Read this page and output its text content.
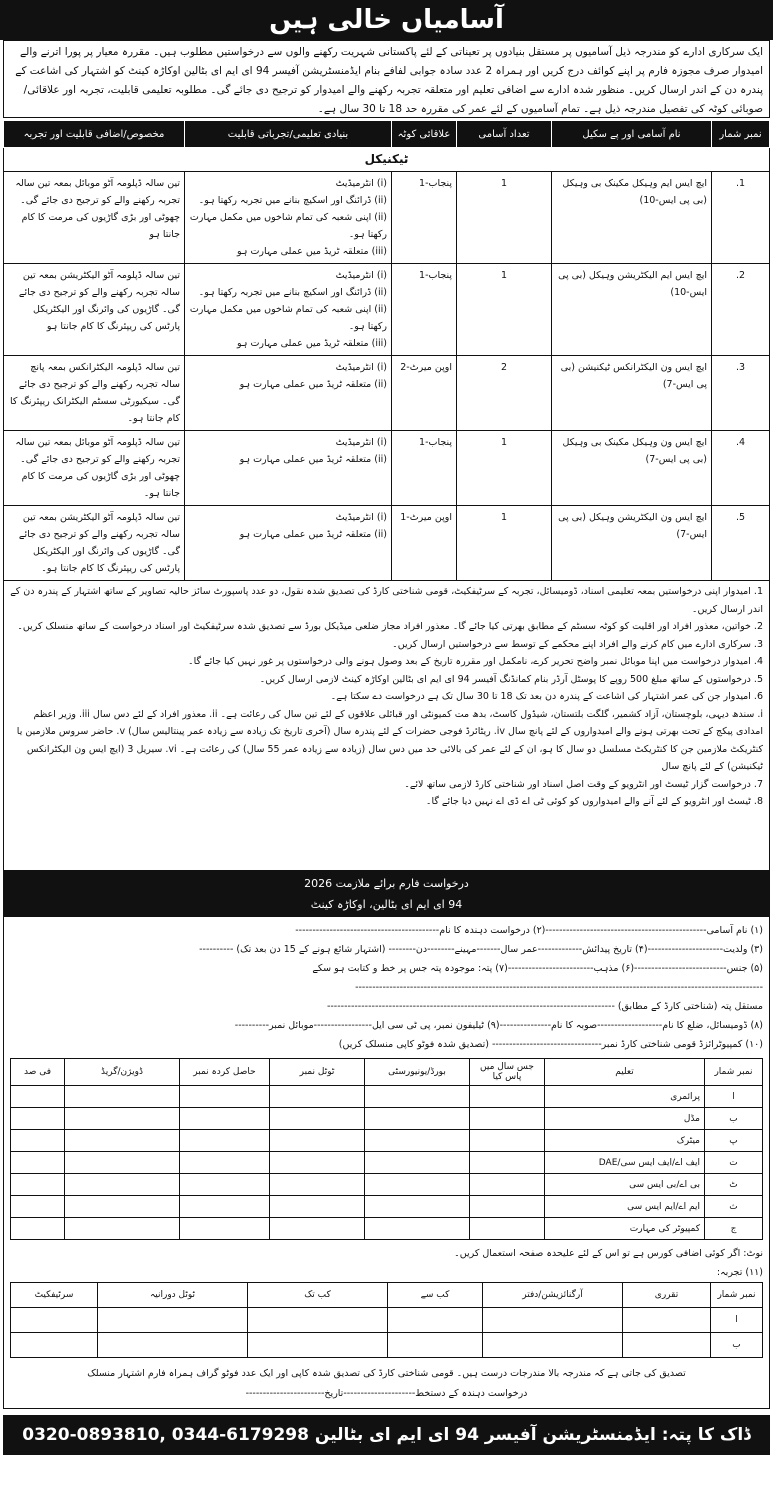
آسامیاں خالی ہیں
ایک سرکاری ادارے کو مندرجہ ذیل آسامیوں پر مستقل بنیادوں پر تعیناتی کے لئے پاکستانی شہریت رکھنے والوں سے درخواستیں مطلوب ہیں۔ مقررہ معیار پر پورا اترنے والے امیدوار صرف مجوزہ فارم پر اپنے کوائف درج کریں اور ہمراہ 2 عدد سادہ جوابی لفافے بنام ایڈمنسٹریشن آفیسر 94 ای ایم ای بٹالین اوکاڑہ کینٹ کو اشتہار کی اشاعت کے پندرہ دن کے اندر ارسال کریں۔ منظور شدہ ادارے سے اضافی تعلیم اور متعلقہ تجربہ رکھنے والے امیدوار کو ترجیح دی جائے گی۔ مطلوبہ تعلیمی قابلیت، تجربہ اور علاقائی/صوبائی کوٹہ کی تفصیل مندرجہ ذیل ہے۔ تمام آسامیوں کے لئے عمر کی مقررہ حد 18 تا 30 سال ہے۔
نمبر شمار	نام آسامی اور پے سکیل	تعداد آسامی	علاقائی کوٹہ	بنیادی تعلیمی/تجرباتی قابلیت	مخصوص/اضافی قابلیت اور تجربہ
ٹیکنیکل					
1.	ایچ ایس ایم وہیکل مکینک بی وہیکل (بی پی ایس-10)	1	پنجاب-1	(i) انٹرمیڈیٹ
(ii) ڈرائنگ اور اسکیچ بنانے میں تجربہ رکھتا ہو۔
(ii) اپنی شعبہ کی تمام شاخوں میں مکمل مہارت رکھتا ہو۔
(iii) متعلقہ ٹریڈ میں عملی مہارت ہو	تین سالہ ڈپلومہ آٹو موبائل بمعہ تین سالہ تجربہ رکھنے والے کو ترجیح دی جائے گی۔ چھوٹی اور بڑی گاڑیوں کی مرمت کا کام جانتا ہو
2.	ایچ ایس ایم الیکٹریشن وہیکل (بی پی ایس-10)	1	پنجاب-1	(i) انٹرمیڈیٹ
(ii) ڈرائنگ اور اسکیچ بنانے میں تجربہ رکھتا ہو۔
(ii) اپنی شعبہ کی تمام شاخوں میں مکمل مہارت رکھتا ہو۔
(iii) متعلقہ ٹریڈ میں عملی مہارت ہو	تین سالہ ڈپلومہ آٹو الیکٹریشن بمعہ تین سالہ تجربہ رکھنے والے کو ترجیح دی جائے گی۔ گاڑیوں کی وائرنگ اور الیکٹریکل پارٹس کی ریپئرنگ کا کام جانتا ہو
3.	ایچ ایس ون الیکٹرانکس ٹیکنیشن (بی پی ایس-7)	2	اوپن میرٹ-2	(i) انٹرمیڈیٹ
(ii) متعلقہ ٹریڈ میں عملی مہارت ہو	تین سالہ ڈپلومہ الیکٹرانکس بمعہ پانچ سالہ تجربہ رکھنے والے کو ترجیح دی جائے گی۔ سیکیورٹی سسٹم الیکٹرانک ریپئرنگ کا کام جانتا ہو۔
4.	ایچ ایس ون وہیکل مکینک بی وہیکل (بی پی ایس-7)	1	پنجاب-1	(i) انٹرمیڈیٹ
(ii) متعلقہ ٹریڈ میں عملی مہارت ہو	تین سالہ ڈپلومہ آٹو موبائل بمعہ تین سالہ تجربہ رکھنے والے کو ترجیح دی جائے گی۔ چھوٹی اور بڑی گاڑیوں کی مرمت کا کام جانتا ہو۔
5.	ایچ ایس ون الیکٹریشن وہیکل (بی پی ایس-7)	1	اوپن میرٹ-1	(i) انٹرمیڈیٹ
(ii) متعلقہ ٹریڈ میں عملی مہارت ہو	تین سالہ ڈپلومہ آٹو الیکٹریشن بمعہ تین سالہ تجربہ رکھنے والے کو ترجیح دی جائے گی۔ گاڑیوں کی وائرنگ اور الیکٹریکل پارٹس کی ریپئرنگ کا کام جانتا ہو۔
1. امیدوار اپنی درخواستیں بمعہ تعلیمی اسناد، ڈومیسائل، تجربہ کے سرٹیفکیٹ، قومی شناختی کارڈ کی تصدیق شدہ نقول، دو عدد پاسپورٹ سائز حالیہ تصاویر کے ساتھ اشتہار کے پندرہ دن کے اندر ارسال کریں۔
2. خواتین، معذور افراد اور اقلیت کو کوٹہ سسٹم کے مطابق بھرتی کیا جائے گا۔ معذور افراد مجاز ضلعی میڈیکل بورڈ سے تصدیق شدہ سرٹیفکیٹ اور اسناد درخواست کے ساتھ منسلک کریں۔
3. سرکاری ادارے میں کام کرنے والے افراد اپنے محکمے کے توسط سے درخواستیں ارسال کریں۔
4. امیدوار درخواست میں اپنا موبائل نمبر واضح تحریر کرے، نامکمل اور مقررہ تاریخ کے بعد وصول ہونے والی درخواستوں پر غور نہیں کیا جائے گا۔
5. درخواستوں کے ساتھ مبلغ 500 روپے کا پوسٹل آرڈر بنام کمانڈنگ آفیسر 94 ای ایم ای بٹالین اوکاڑہ کینٹ لازمی ارسال کریں۔
6. امیدوار جن کی عمر اشتہار کی اشاعت کے پندرہ دن بعد تک 18 تا 30 سال تک ہے درخواست دے سکتا ہے۔
i. سندھ دیہی، بلوچستان، آزاد کشمیر، گلگت بلتستان، شیڈول کاسٹ، بدھ مت کمیونٹی اور قبائلی علاقوں کے لئے تین سال کی رعائت ہے۔ ii. معذور افراد کے لئے دس سال iii. وزیر اعظم امدادی پیکج کے تحت بھرتی ہونے والے امیدواروں کے لئے پانچ سال iv. ریٹائرڈ فوجی حضرات کے لئے پندرہ سال (آخری تاریخ تک زیادہ سے زیادہ عمر پینتالیس سال) v. حاضر سروس ملازمین یا کنٹریکٹ ملازمین جن کا کنٹریکٹ مسلسل دو سال کا ہو، ان کے لئے عمر کی بالائی حد میں دس سال (زیادہ سے زیادہ عمر 55 سال) کی رعائت ہے۔ vi. سیریل 3 (ایچ ایس ون الیکٹرانکس ٹیکنیشن) کے لئے پانچ سال
7. درخواست گزار ٹیسٹ اور انٹرویو کے وقت اصل اسناد اور شناختی کارڈ لازمی ساتھ لائے۔
8. ٹیسٹ اور انٹرویو کے لئے آنے والے امیدواروں کو کوئی ٹی اے ڈی اے نہیں دیا جائے گا۔
درخواست فارم برائے ملازمت 2026
94 ای ایم ای بٹالین، اوکاڑہ کینٹ
(۱) نام آسامی-----------------------------------------------(۲) درخواست دہندہ کا نام------------------------------------------
(۳) ولدیت----------------------(۴) تاریخ پیدائش-------------عمر سال-------مہینے--------دن-------- (اشتہار شائع ہونے کے 15 دن بعد تک) ----------
(۵) جنس---------------------------(۶) مذہب-------------------------(۷) پتہ: موجودہ پتہ جس پر خط و کتابت ہو سکے
-----------------------------------------------------------------------------------------------------------------------
مستقل پتہ (شناختی کارڈ کے مطابق) ------------------------------------------------------------------------------------
(۸) ڈومیسائل، ضلع کا نام-------------------صوبہ کا نام---------------(۹) ٹیلیفون نمبر، پی ٹی سی ایل-----------------موبائل نمبر----------
(۱۰) کمپیوٹرائزڈ قومی شناختی کارڈ نمبر-------------------------------- (تصدیق شدہ فوٹو کاپی منسلک کریں)
نمبر شمار	تعلیم	جس سال میں پاس کیا	بورڈ/یونیورسٹی	ٹوٹل نمبر	حاصل کردہ نمبر	ڈویژن/گریڈ	فی صد
ا	پرائمری						
ب	مڈل						
پ	میٹرک						
ت	ایف اے/ایف ایس سی/DAE						
ٹ	بی اے/بی ایس سی						
ث	ایم اے/ایم ایس سی						
ج	کمپیوٹر کی مہارت						
نوٹ: اگر کوئی اضافی کورس ہے تو اس کے لئے علیحدہ صفحہ استعمال کریں۔
(۱۱) تجربہ:
نمبر شمار	تقرری	آرگنائزیشن/دفتر	کب سے	کب تک	ٹوٹل دورانیہ	سرٹیفکیٹ
ا						
ب						
تصدیق کی جاتی ہے کہ مندرجہ بالا مندرجات درست ہیں۔ قومی شناختی کارڈ کی تصدیق شدہ کاپی اور ایک عدد فوٹو گراف ہمراہ فارم اشتہار منسلک
درخواست دہندہ کے دستخط---------------------تاریخ-----------------------
0320-0893810, 0344-6179298 ڈاک کا پتہ: ایڈمنسٹریشن آفیسر 94 ای ایم ای بٹالین اوکاڑہ کینٹ / رابطہ نمبر:
